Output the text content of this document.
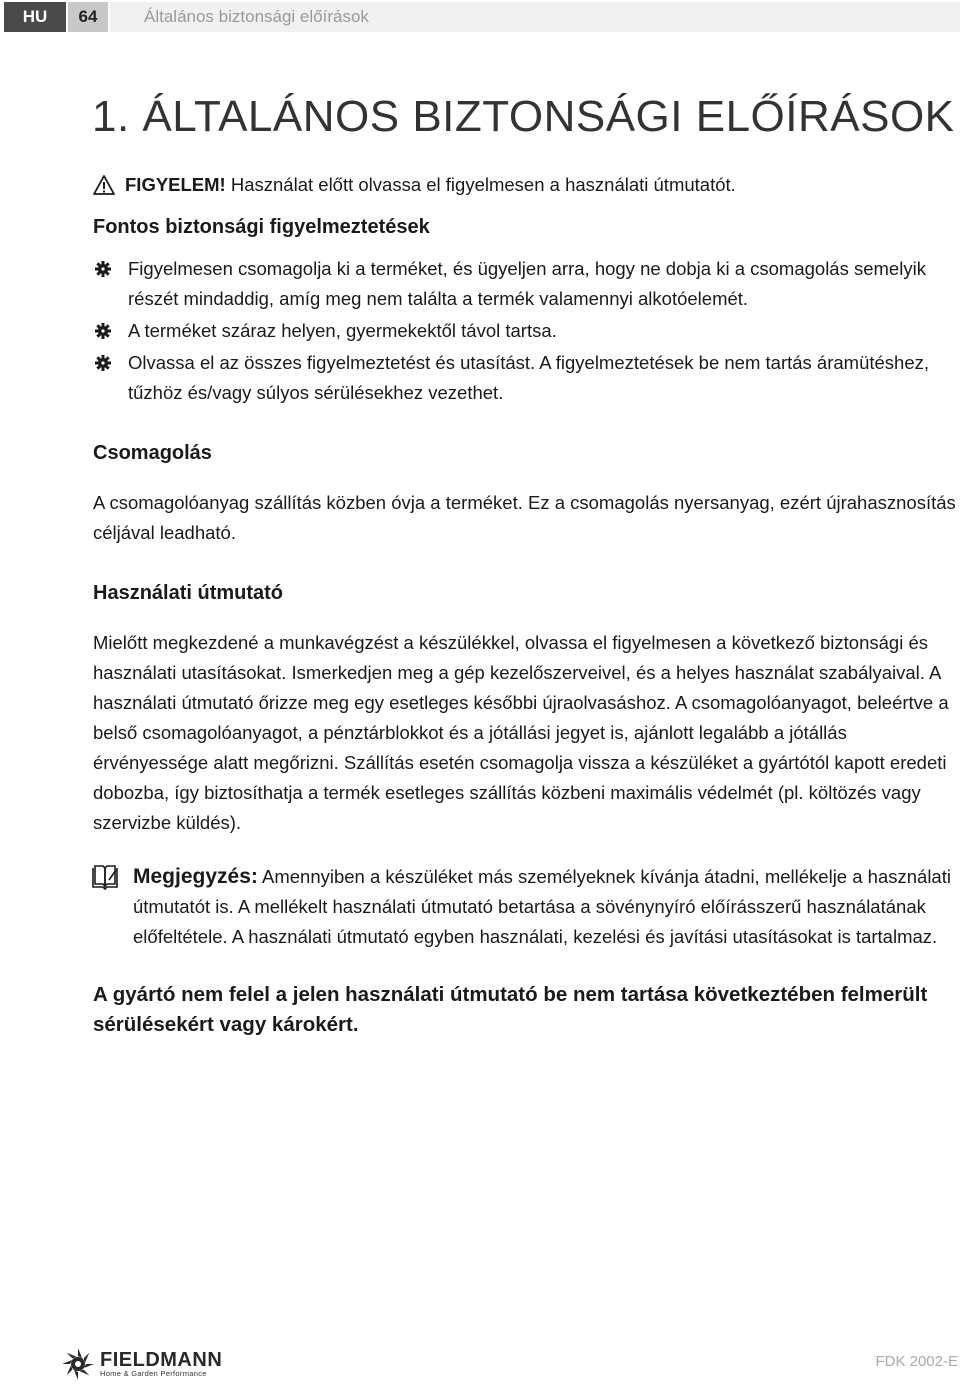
HU	64	Általános biztonsági előírások
1. ÁLTALÁNOS BIZTONSÁGI ELŐÍRÁSOK
FIGYELEM! Használat előtt olvassa el figyelmesen a használati útmutatót.
Fontos biztonsági figyelmeztetések
Figyelmesen csomagolja ki a terméket, és ügyeljen arra, hogy ne dobja ki a csomagolás semelyik részét mindaddig, amíg meg nem találta a termék valamennyi alkotóelemét.
A terméket száraz helyen, gyermekektől távol tartsa.
Olvassa el az összes figyelmeztetést és utasítást. A figyelmeztetések be nem tartás áramütéshez, tűzhöz és/vagy súlyos sérülésekhez vezethet.
Csomagolás

A csomagolóanyag szállítás közben óvja a terméket. Ez a csomagolás nyersanyag, ezért újrahasznosítás céljával leadható.

Használati útmutató

Mielőtt megkezdené a munkavégzést a készülékkel, olvassa el figyelmesen a következő biztonsági és használati utasításokat. Ismerkedjen meg a gép kezelőszerveivel, és a helyes használat szabályaival. A használati útmutató őrizze meg egy esetleges későbbi újraolvasáshoz. A csomagolóanyagot, beleértve a belső csomagolóanyagot, a pénztárblokkot és a jótállási jegyet is, ajánlott legalább a jótállás érvényessége alatt megőrizni. Szállítás esetén csomagolja vissza a készüléket a gyártótól kapott eredeti dobozba, így biztosíthatja a termék esetleges szállítás közbeni maximális védelmét (pl. költözés vagy szervizbe küldés).

Megjegyzés: Amennyiben a készüléket más személyeknek kívánja átadni, mellékelje a használati útmutatót is. A mellékelt használati útmutató betartása a sövénynyíró előírásszerű használatának előfeltétele. A használati útmutató egyben használati, kezelési és javítási utasításokat is tartalmaz.

A gyártó nem felel a jelen használati útmutató be nem tartása következtében felmerült sérülésekért vagy károkért.

FIELDMANN
Home & Garden Performance
FDK 2002-E
